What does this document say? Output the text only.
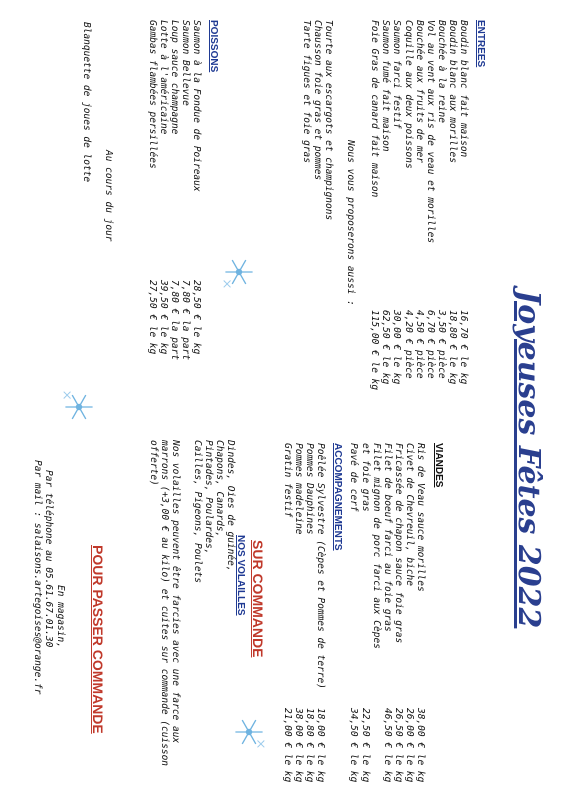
Joyeuses Fêtes 2022
ENTREES
Boudin blanc fait maison
16,70 € le kg
Boudin blanc aux morilles
18,80 € le kg
Bouchée à la reine
3,50 € pièce
Vol au vent aux ris de veau et morilles
6,70 € pièce
Bouchée aux fruits de mer
4,50 € pièce
Coquille aux deux poissons
4,20 € pièce
Saumon farci festif
30,00 € le kg
Saumon fumé fait maison
62,50 € le kg
Foie Gras de canard fait maison
115,00 € le kg
Nous vous proposerons aussi :
Tourte aux escargots et champignons
Chausson foie gras et pommes
Tarte figues et foie gras
POISSONS
Saumon à la Fondue de Poireaux
28,50 € le kg
Saumon Bellevue
7,80 € la part
Loup sauce champagne
7,80 € la part
Lotte à l'américaine
39,50 € le kg
Gambas flambées persillées
27,50 € le kg
Au cours du jour
Blanquette de joues de lotte
VIANDES
Ris de Veau sauce morilles
38,00 € le kg
Civet de Chevreuil, biche
26,00 € le kg
Fricassée de chapon sauce foie gras
26,50 € le kg
Filet de boeuf farci au foie gras
46,50 € le kg
Filet mignon de porc farci aux Cèpes
et foie gras
22,50 € le kg
Pavé de cerf
34,50 € le kg
ACCOMPAGNEMENTS
Poêlée Sylvestre (Cèpes et Pommes de terre)
18,00 € le kg
Pommes Dauphines
18,80 € le kg
Pommes madeleine
38,00 € le kg
Gratin festif
21,00 € le kg
SUR COMMANDE
NOS VOLAILLES
Dindes, Oies de guinée,
Chapons, Canards,
Pintades, Poulardes,
Cailles, Pigeons, Poulets
Nos volailles peuvent être farcies avec une farce aux marrons (+3,00 € au kilo) et cuites sur commande (cuisson offerte)
POUR PASSER COMMANDE
En magasin,
Par téléphone au 05.61.67.01.30
Par mail : salaisons.artegoises@orange.fr
